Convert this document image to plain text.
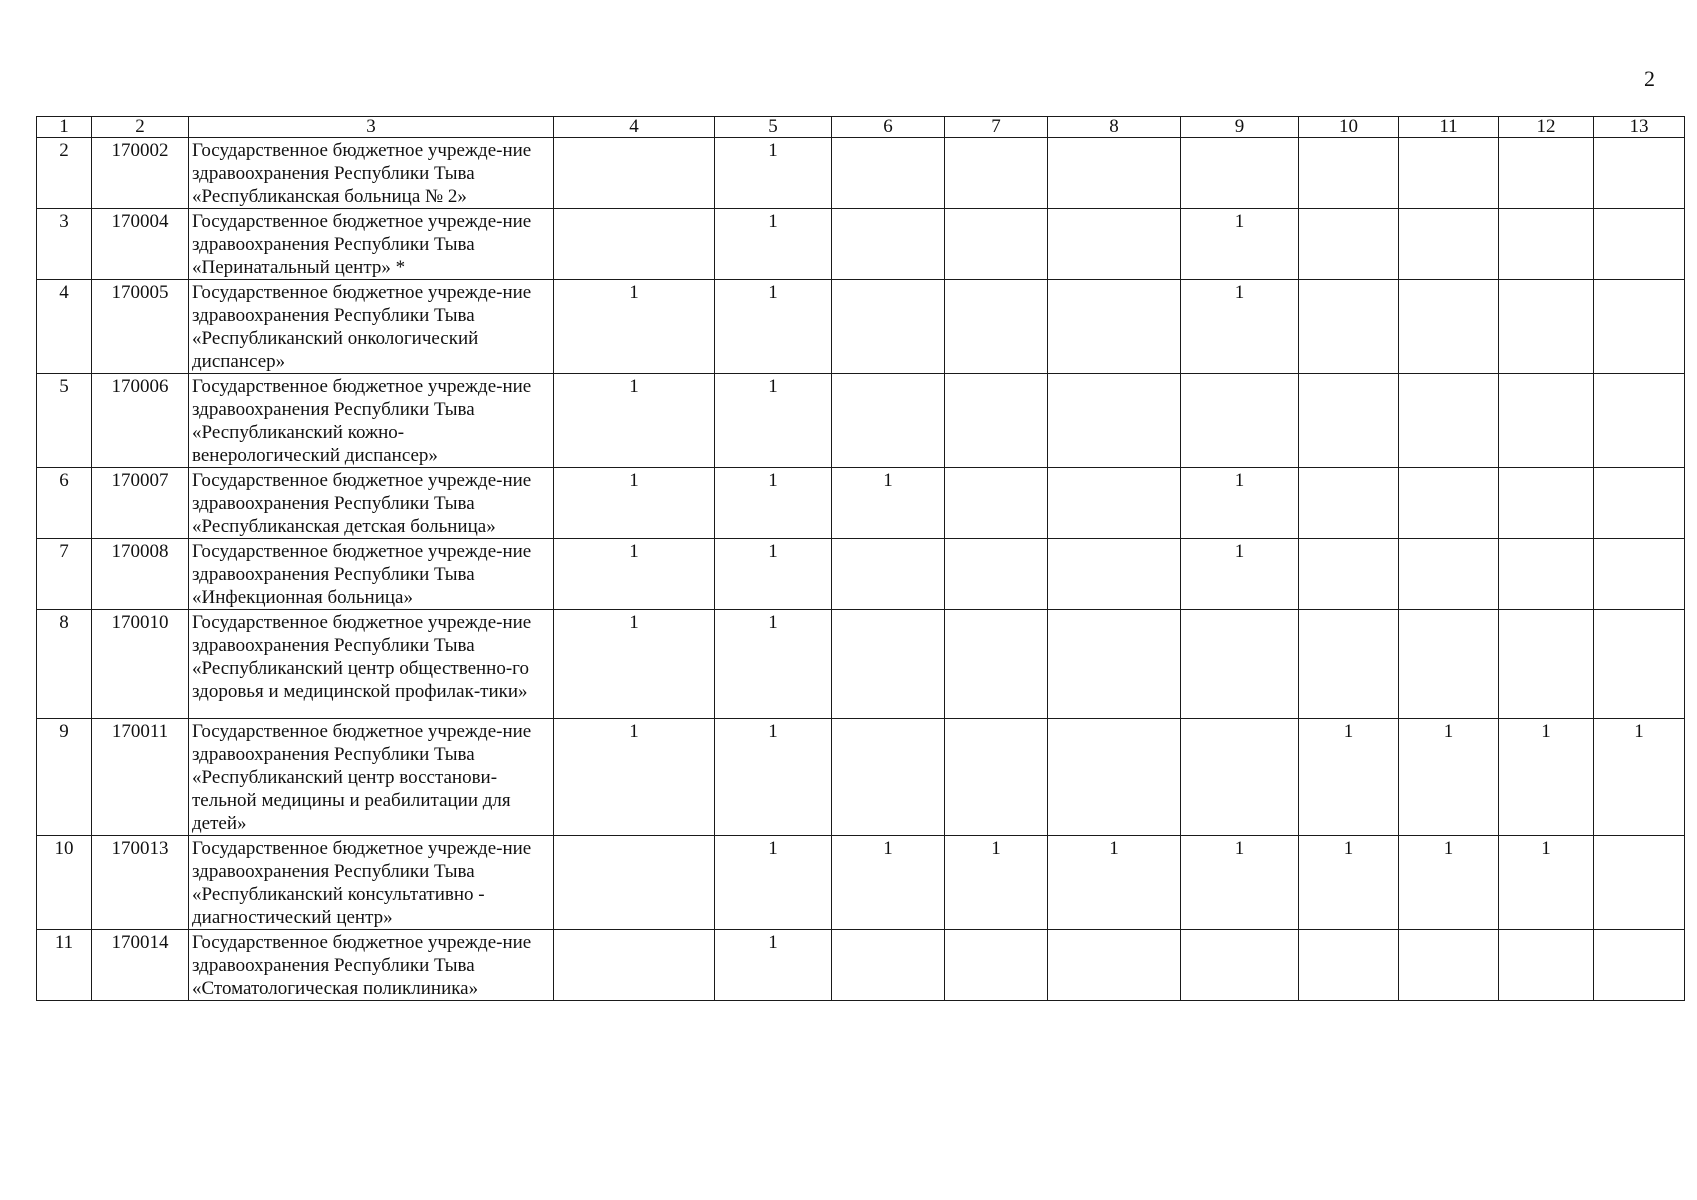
2
1	2	3	4	5	6	7	8	9	10	11	12	13
2	170002	Государственное бюджетное учрежде-ние здравоохранения Республики Тыва «Республиканская больница № 2»		1								
3	170004	Государственное бюджетное учрежде-ние здравоохранения Республики Тыва «Перинатальный центр» *		1				1				
4	170005	Государственное бюджетное учрежде-ние здравоохранения Республики Тыва «Республиканский онкологический диспансер»	1	1				1				
5	170006	Государственное бюджетное учрежде-ние здравоохранения Республики Тыва «Республиканский кожно-венерологический диспансер»	1	1								
6	170007	Государственное бюджетное учрежде-ние здравоохранения Республики Тыва «Республиканская детская больница»	1	1	1			1				
7	170008	Государственное бюджетное учрежде-ние здравоохранения Республики Тыва «Инфекционная больница»	1	1				1				
8	170010	Государственное бюджетное учрежде-ние здравоохранения Республики Тыва «Республиканский центр общественно-го здоровья и медицинской профилак-тики»	1	1								
9	170011	Государственное бюджетное учрежде-ние здравоохранения Республики Тыва «Республиканский центр восстанови-тельной медицины и реабилитации для детей»	1	1					1	1	1	1
10	170013	Государственное бюджетное учрежде-ние здравоохранения Республики Тыва «Республиканский консультативно - диагностический центр»		1	1	1	1	1	1	1	1	
11	170014	Государственное бюджетное учрежде-ние здравоохранения Республики Тыва «Стоматологическая поликлиника»		1								
